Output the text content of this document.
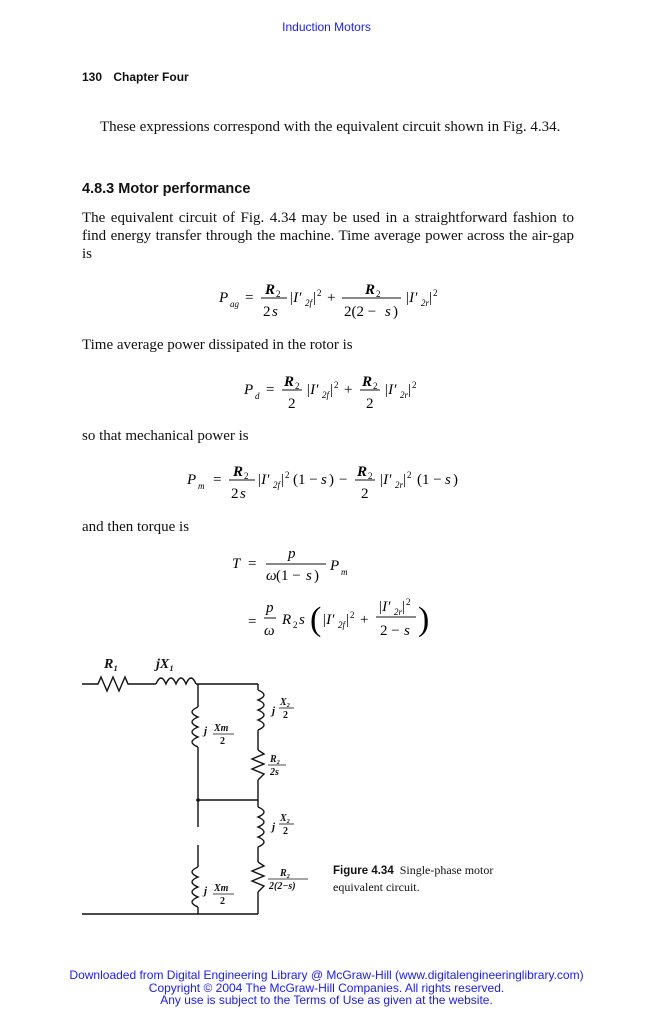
Induction Motors
130 Chapter Four

These expressions correspond with the equivalent circuit shown in Fig. 4.34.

4.8.3 Motor performance

The equivalent circuit of Fig. 4.34 may be used in a straightforward fashion to find energy transfer through the machine. Time average power across the air-gap is

P ag = R 2
2 s
|I′ 2f | 2 + R 2
2(2 − s )
|I′ 2r | 2

Time average power dissipated in the rotor is

P d = R 2
2
|I′ 2f | 2 + R 2
2
|I′ 2r | 2

so that mechanical power is

P m = R 2
2 s
|I′ 2f | 2 (1 − s ) − R 2
2
|I′ 2r | 2 (1 − s )

and then torque is

T =
p
ω (1 − s )
P m
=
p
ω
R 2 s ( |I′ 2f | 2 +
|I′ 2r | 2
2 − s )
R₁	jX₁
j Xm
2
j Xm
2
j
X₂
2
j
X₂
2
R₂
2s
R₂
2(2−s)
Figure 4.34 Single-phase motor equivalent circuit.
Downloaded from Digital Engineering Library @ McGraw-Hill (www.digitalengineeringlibrary.com)
Copyright © 2004 The McGraw-Hill Companies. All rights reserved.
Any use is subject to the Terms of Use as given at the website.
